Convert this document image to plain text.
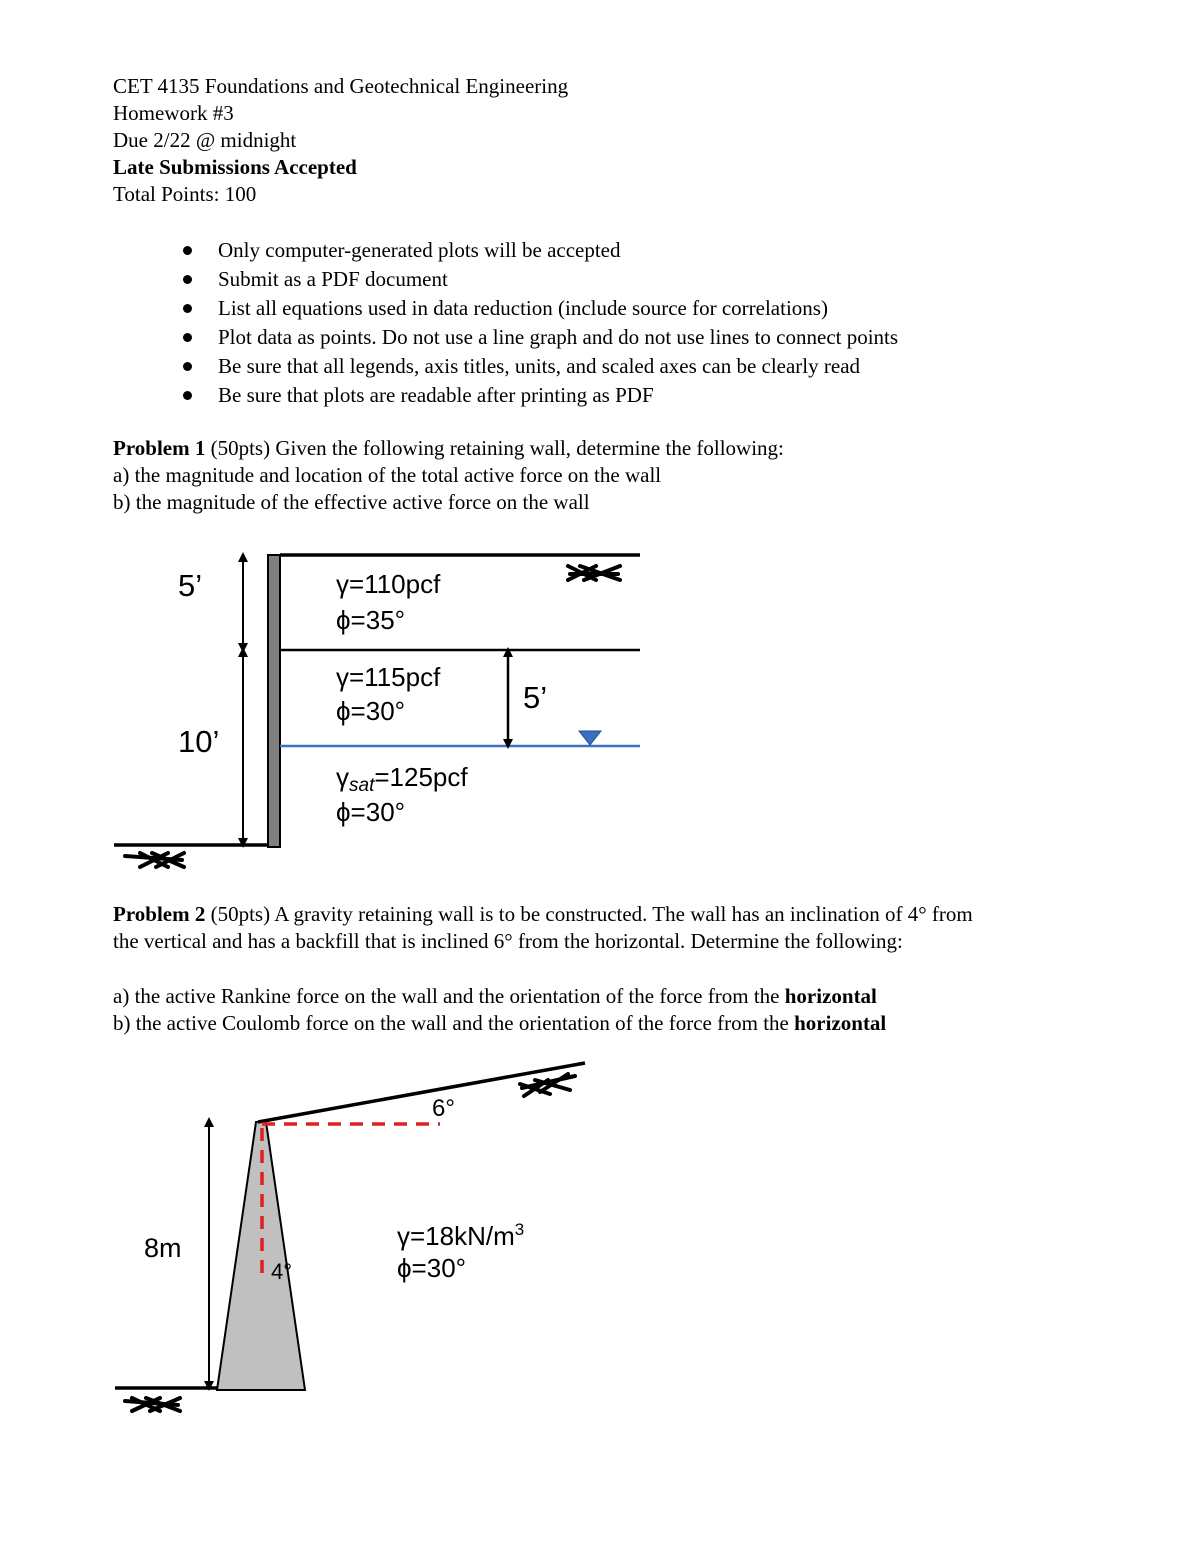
CET 4135 Foundations and Geotechnical Engineering
Homework #3
Due 2/22 @ midnight
Late Submissions Accepted
Total Points: 100
Only computer-generated plots will be accepted
Submit as a PDF document
List all equations used in data reduction (include source for correlations)
Plot data as points. Do not use a line graph and do not use lines to connect points
Be sure that all legends, axis titles, units, and scaled axes can be clearly read
Be sure that plots are readable after printing as PDF
Problem 1 (50pts) Given the following retaining wall, determine the following:
a) the magnitude and location of the total active force on the wall
b) the magnitude of the effective active force on the wall
Problem 2 (50pts) A gravity retaining wall is to be constructed. The wall has an inclination of 4° from
the vertical and has a backfill that is inclined 6° from the horizontal. Determine the following:
a) the active Rankine force on the wall and the orientation of the force from the horizontal
b) the active Coulomb force on the wall and the orientation of the force from the horizontal
5’
10’
5’
γ=110pcf
ϕ=35°
γ=115pcf
ϕ=30°
γsat=125pcf
ϕ=30°
8m
6°
4°
$\gamma=18kN/m^3$
ϕ=30°
